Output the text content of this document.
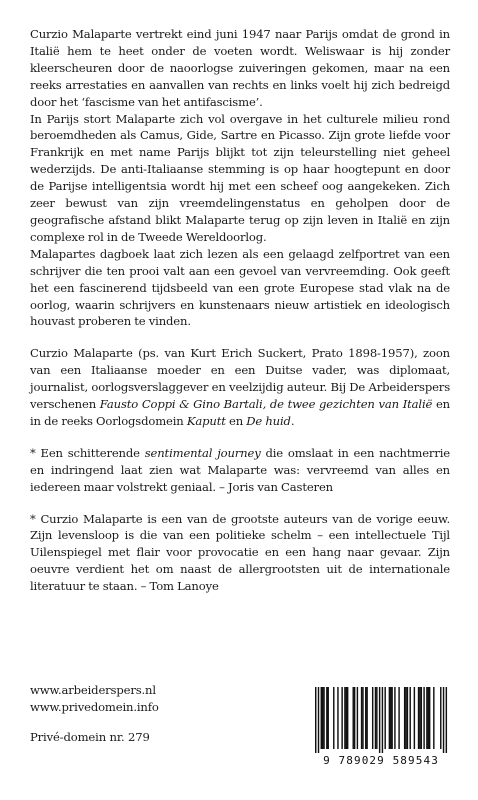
Curzio Malaparte vertrekt eind juni 1947 naar Parijs omdat de grond in Italië hem te heet onder de voeten wordt. Weliswaar is hij zonder kleerscheuren door de naoorlogse zuiveringen gekomen, maar na een reeks arrestaties en aanvallen van rechts en links voelt hij zich bedreigd door het ‘fascisme van het antifascisme’.

In Parijs stort Malaparte zich vol overgave in het culturele milieu rond beroemdheden als Camus, Gide, Sartre en Picasso. Zijn grote liefde voor Frankrijk en met name Parijs blijkt tot zijn teleurstelling niet geheel wederzijds. De anti-Italiaanse stemming is op haar hoogtepunt en door de Parijse intelligentsia wordt hij met een scheef oog aangekeken. Zich zeer bewust van zijn vreemdelingenstatus en geholpen door de geografische afstand blikt Malaparte terug op zijn leven in Italië en zijn complexe rol in de Tweede Wereldoorlog.

Malapartes dagboek laat zich lezen als een gelaagd zelfportret van een schrijver die ten prooi valt aan een gevoel van vervreemding. Ook geeft het een fascinerend tijdsbeeld van een grote Europese stad vlak na de oorlog, waarin schrijvers en kunstenaars nieuw artistiek en ideologisch houvast proberen te vinden.

Curzio Malaparte (ps. van Kurt Erich Suckert, Prato 1898-1957), zoon van een Italiaanse moeder en een Duitse vader, was diplomaat, journalist, oorlogsverslaggever en veelzijdig auteur. Bij De Arbeiderspers verschenen Fausto Coppi & Gino Bartali, de twee gezichten van Italië en in de reeks Oorlogsdomein Kaputt en De huid.

* Een schitterende sentimental journey die omslaat in een nachtmerrie en indringend laat zien wat Malaparte was: vervreemd van alles en iedereen maar volstrekt geniaal. – Joris van Casteren

* Curzio Malaparte is een van de grootste auteurs van de vorige eeuw. Zijn levensloop is die van een politieke schelm – een intellectuele Tijl Uilenspiegel met flair voor provocatie en een hang naar gevaar. Zijn oeuvre verdient het om naast de allergrootsten uit de internationale literatuur te staan. – Tom Lanoye

www.arbeiderspers.nl
www.privedomein.info
Privé-domein nr. 279
9 789029 589543
